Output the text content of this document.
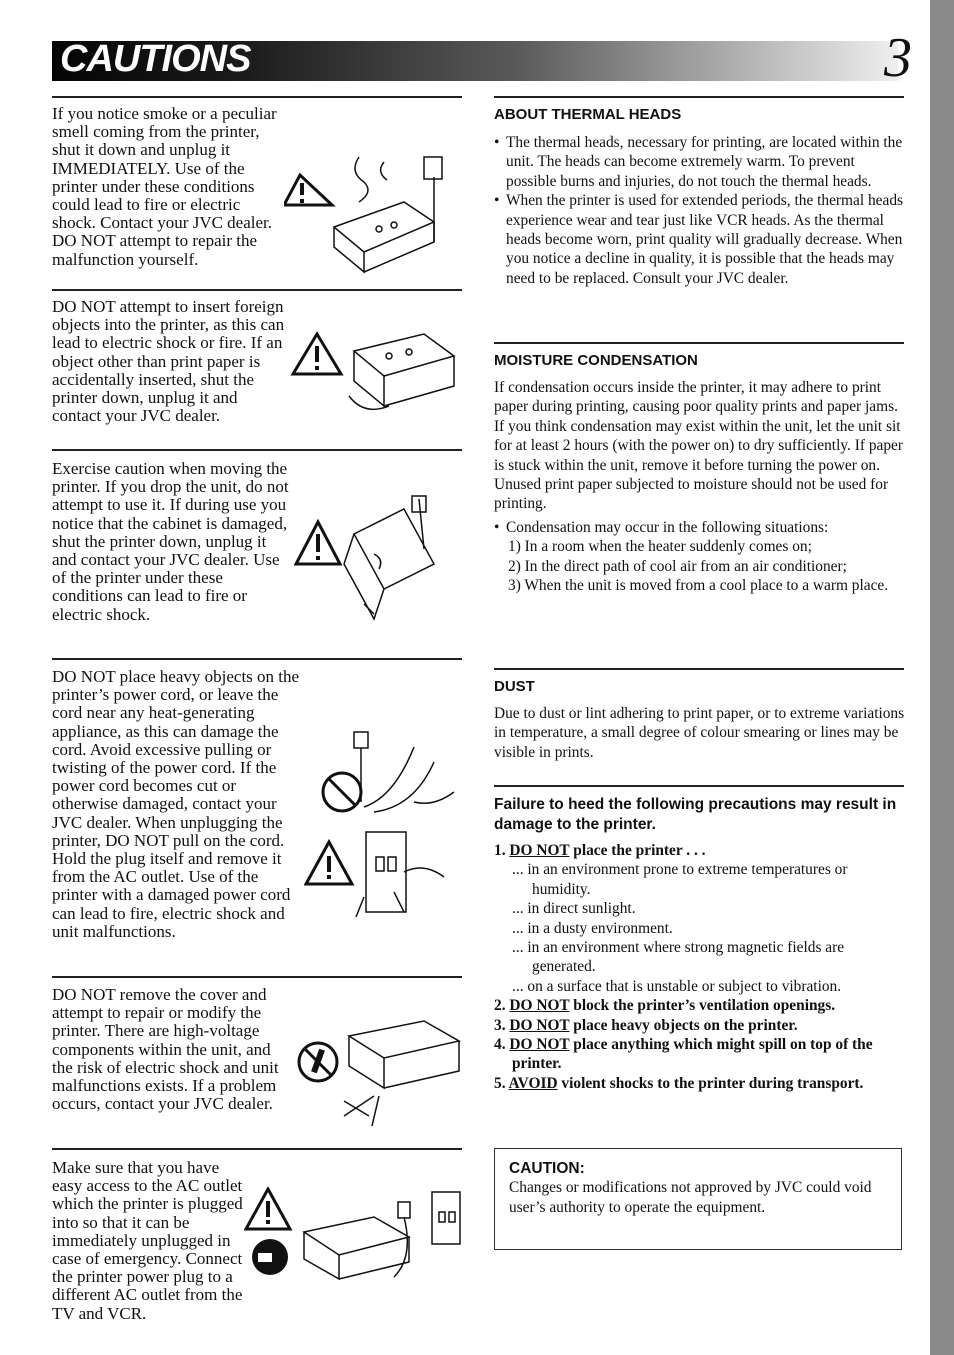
CAUTIONS	3
If you notice smoke or a peculiar smell coming from the printer, shut it down and unplug it IMMEDIATELY. Use of the printer under these conditions could lead to fire or electric shock. Contact your JVC dealer. DO NOT attempt to repair the malfunction yourself.
DO NOT attempt to insert foreign objects into the printer, as this can lead to electric shock or fire. If an object other than print paper is accidentally inserted, shut the printer down, unplug it and contact your JVC dealer.
Exercise caution when moving the printer. If you drop the unit, do not attempt to use it. If during use you notice that the cabinet is damaged, shut the printer down, unplug it and contact your JVC dealer. Use of the printer under these conditions can lead to fire or electric shock.
DO NOT place heavy objects on the printer’s power cord, or leave the cord near any heat-generating appliance, as this can damage the cord. Avoid excessive pulling or twisting of the power cord. If the power cord becomes cut or otherwise damaged, contact your JVC dealer. When unplugging the printer, DO NOT pull on the cord. Hold the plug itself and remove it from the AC outlet. Use of the printer with a damaged power cord can lead to fire, electric shock and unit malfunctions.
DO NOT remove the cover and attempt to repair or modify the printer. There are high-voltage components within the unit, and the risk of electric shock and unit malfunctions exists. If a problem occurs, contact your JVC dealer.
Make sure that you have easy access to the AC outlet which the printer is plugged into so that it can be immediately unplugged in case of emergency. Connect the printer power plug to a different AC outlet from the TV and VCR.
ABOUT THERMAL HEADS
• The thermal heads, necessary for printing, are located within the unit. The heads can become extremely warm. To prevent possible burns and injuries, do not touch the thermal heads.
• When the printer is used for extended periods, the thermal heads experience wear and tear just like VCR heads. As the thermal heads become worn, print quality will gradually decrease. When you notice a decline in quality, it is possible that the heads may need to be replaced. Consult your JVC dealer.
MOISTURE CONDENSATION
If condensation occurs inside the printer, it may adhere to print paper during printing, causing poor quality prints and paper jams. If you think condensation may exist within the unit, let the unit sit for at least 2 hours (with the power on) to dry sufficiently. If paper is stuck within the unit, remove it before turning the power on. Unused print paper subjected to moisture should not be used for printing.
• Condensation may occur in the following situations:
1) In a room when the heater suddenly comes on;
2) In the direct path of cool air from an air conditioner;
3) When the unit is moved from a cool place to a warm place.
DUST
Due to dust or lint adhering to print paper, or to extreme variations in temperature, a small degree of colour smearing or lines may be visible in prints.
Failure to heed the following precautions may result in damage to the printer.
1. DO NOT place the printer . . .
... in an environment prone to extreme temperatures or humidity.
... in direct sunlight.
... in a dusty environment.
... in an environment where strong magnetic fields are generated.
... on a surface that is unstable or subject to vibration.
2. DO NOT block the printer’s ventilation openings.
3. DO NOT place heavy objects on the printer.
4. DO NOT place anything which might spill on top of the printer.
5. AVOID violent shocks to the printer during transport.
CAUTION:
Changes or modifications not approved by JVC could void user’s authority to operate the equipment.
